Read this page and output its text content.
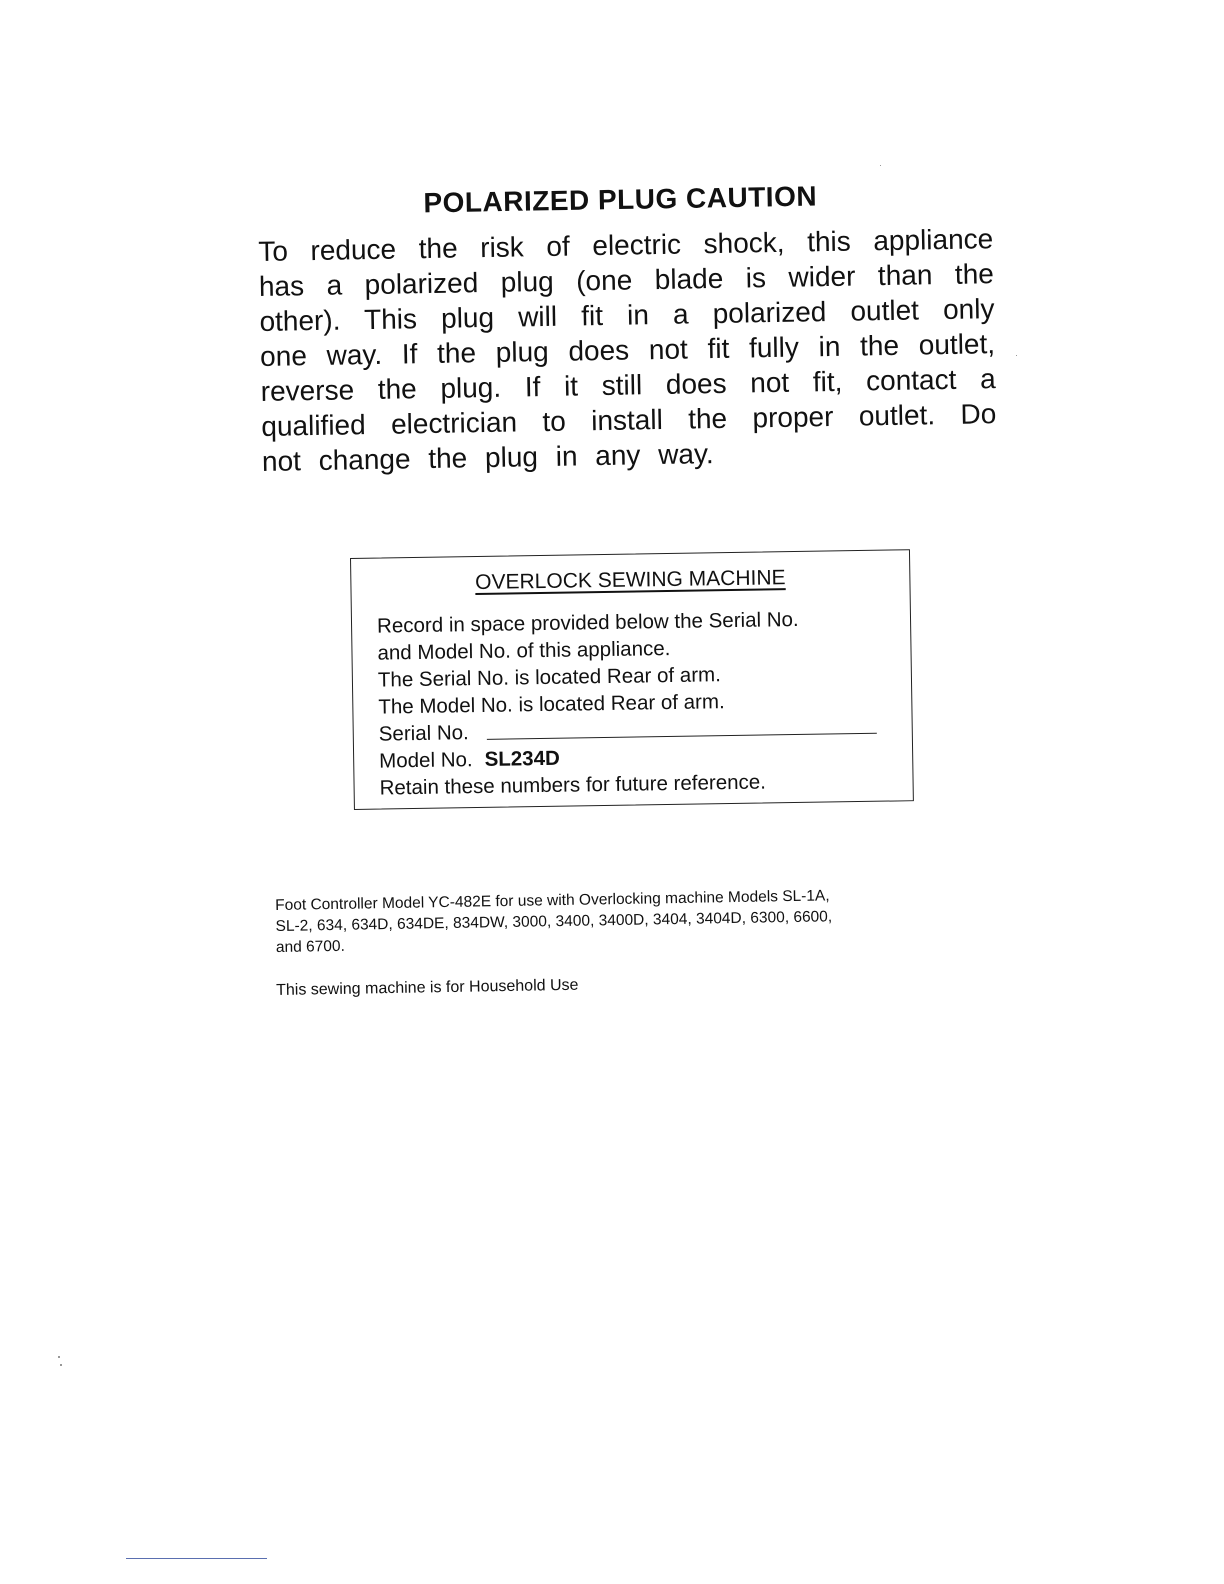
POLARIZED PLUG CAUTION
To reduce the risk of electric shock, this appliance
has a polarized plug (one blade is wider than the
other). This plug will fit in a polarized outlet only
one way. If the plug does not fit fully in the outlet,
reverse the plug. If it still does not fit, contact a
qualified electrician to install the proper outlet. Do
not change the plug in any way.
OVERLOCK SEWING MACHINE
Record in space provided below the Serial No.
and Model No. of this appliance.
The Serial No. is located Rear of arm.
The Model No. is located Rear of arm.
Serial No.
Model No. SL234D
Retain these numbers for future reference.
Foot Controller Model YC-482E for use with Overlocking machine Models SL-1A,
SL-2, 634, 634D, 634DE, 834DW, 3000, 3400, 3400D, 3404, 3404D, 6300, 6600,
and 6700.
This sewing machine is for Household Use
